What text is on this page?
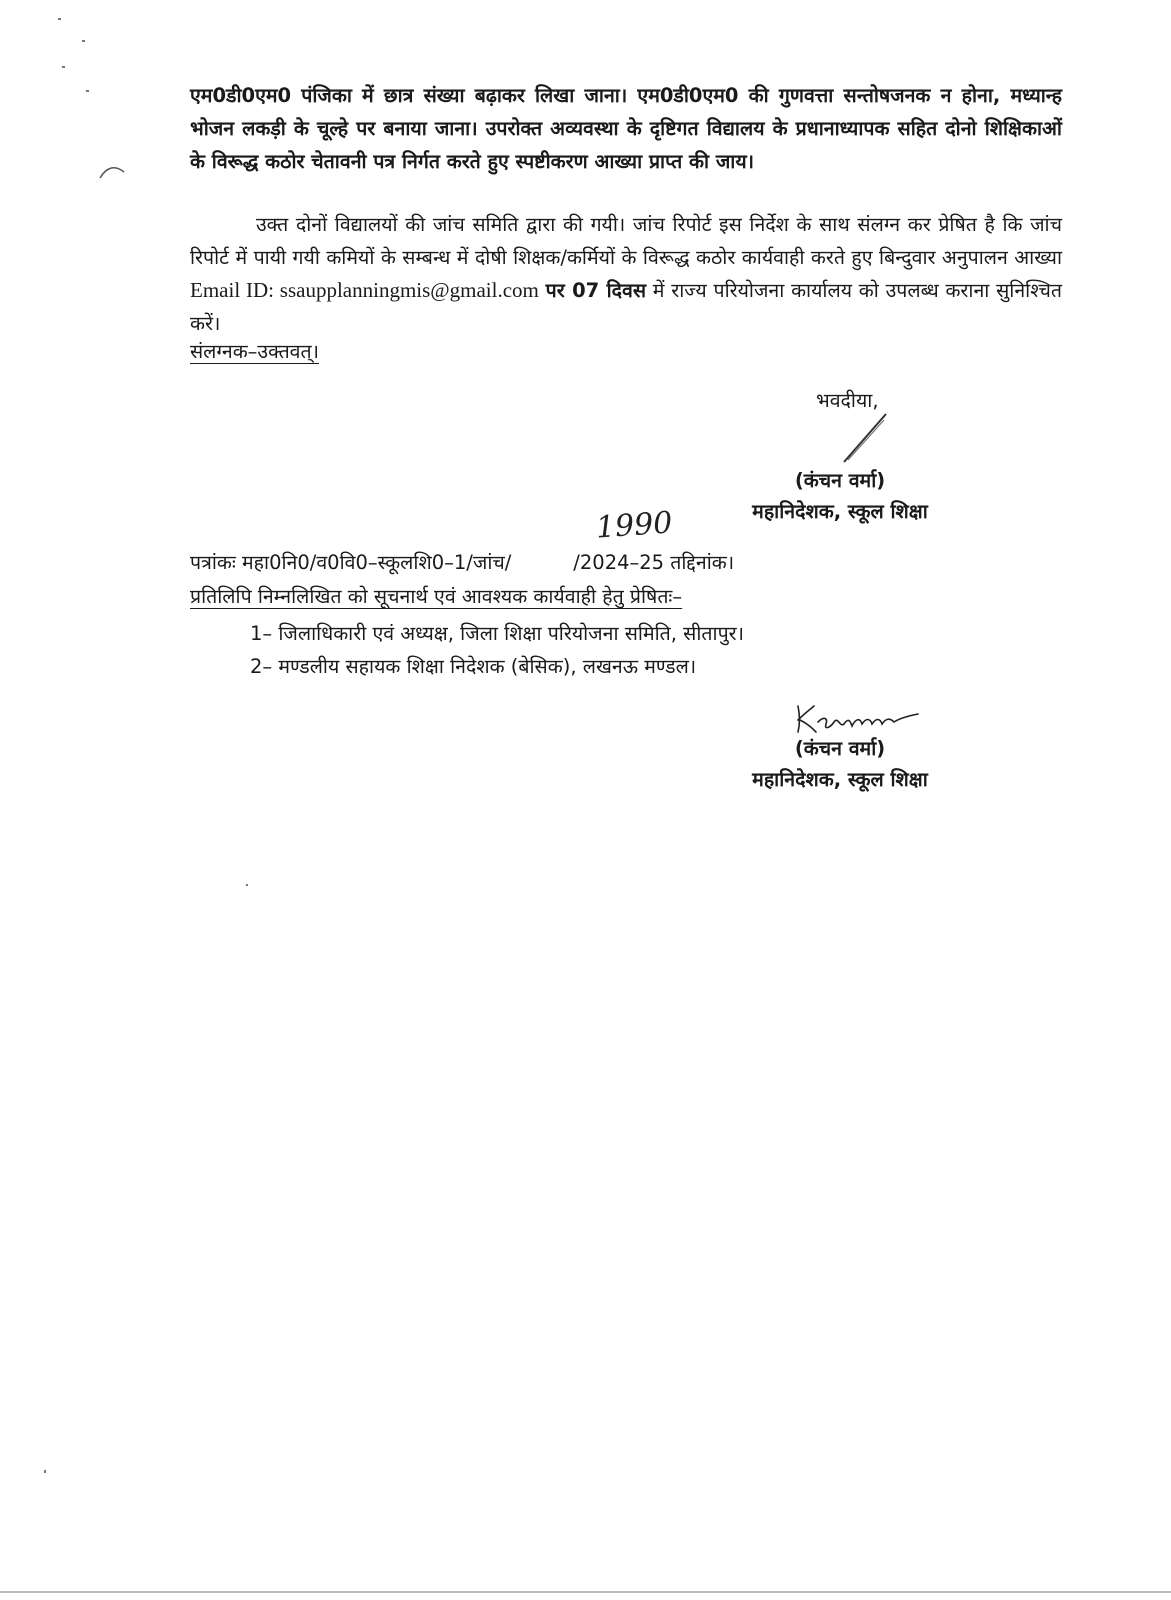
एम0डी0एम0 पंजिका में छात्र संख्या बढ़ाकर लिखा जाना। एम0डी0एम0 की गुणवत्ता सन्तोषजनक न होना, मध्यान्ह भोजन लकड़ी के चूल्हे पर बनाया जाना। उपरोक्त अव्यवस्था के दृष्टिगत विद्यालय के प्रधानाध्यापक सहित दोनो शिक्षिकाओं के विरूद्ध कठोर चेतावनी पत्र निर्गत करते हुए स्पष्टीकरण आख्या प्राप्त की जाय।

उक्त दोनों विद्यालयों की जांच समिति द्वारा की गयी। जांच रिपोर्ट इस निर्देश के साथ संलग्न कर प्रेषित है कि जांच रिपोर्ट में पायी गयी कमियों के सम्बन्ध में दोषी शिक्षक/कर्मियों के विरूद्ध कठोर कार्यवाही करते हुए बिन्दुवार अनुपालन आख्या Email ID: ssaupplanningmis@gmail.com पर 07 दिवस में राज्य परियोजना कार्यालय को उपलब्ध कराना सुनिश्चित करें।

संलग्नक–उक्तवत्।
भवदीया,
(कंचन वर्मा)
महानिदेशक, स्कूल शिक्षा
1990
पत्रांकः महा0नि0/व0वि0–स्कूलशि0–1/जांच/          /2024–25 तद्दिनांक।
प्रतिलिपि निम्नलिखित को सूचनार्थ एवं आवश्यक कार्यवाही हेतु प्रेषितः–
1– जिलाधिकारी एवं अध्यक्ष, जिला शिक्षा परियोजना समिति, सीतापुर।
2– मण्डलीय सहायक शिक्षा निदेशक (बेसिक), लखनऊ मण्डल।
(कंचन वर्मा)
महानिदेशक, स्कूल शिक्षा
